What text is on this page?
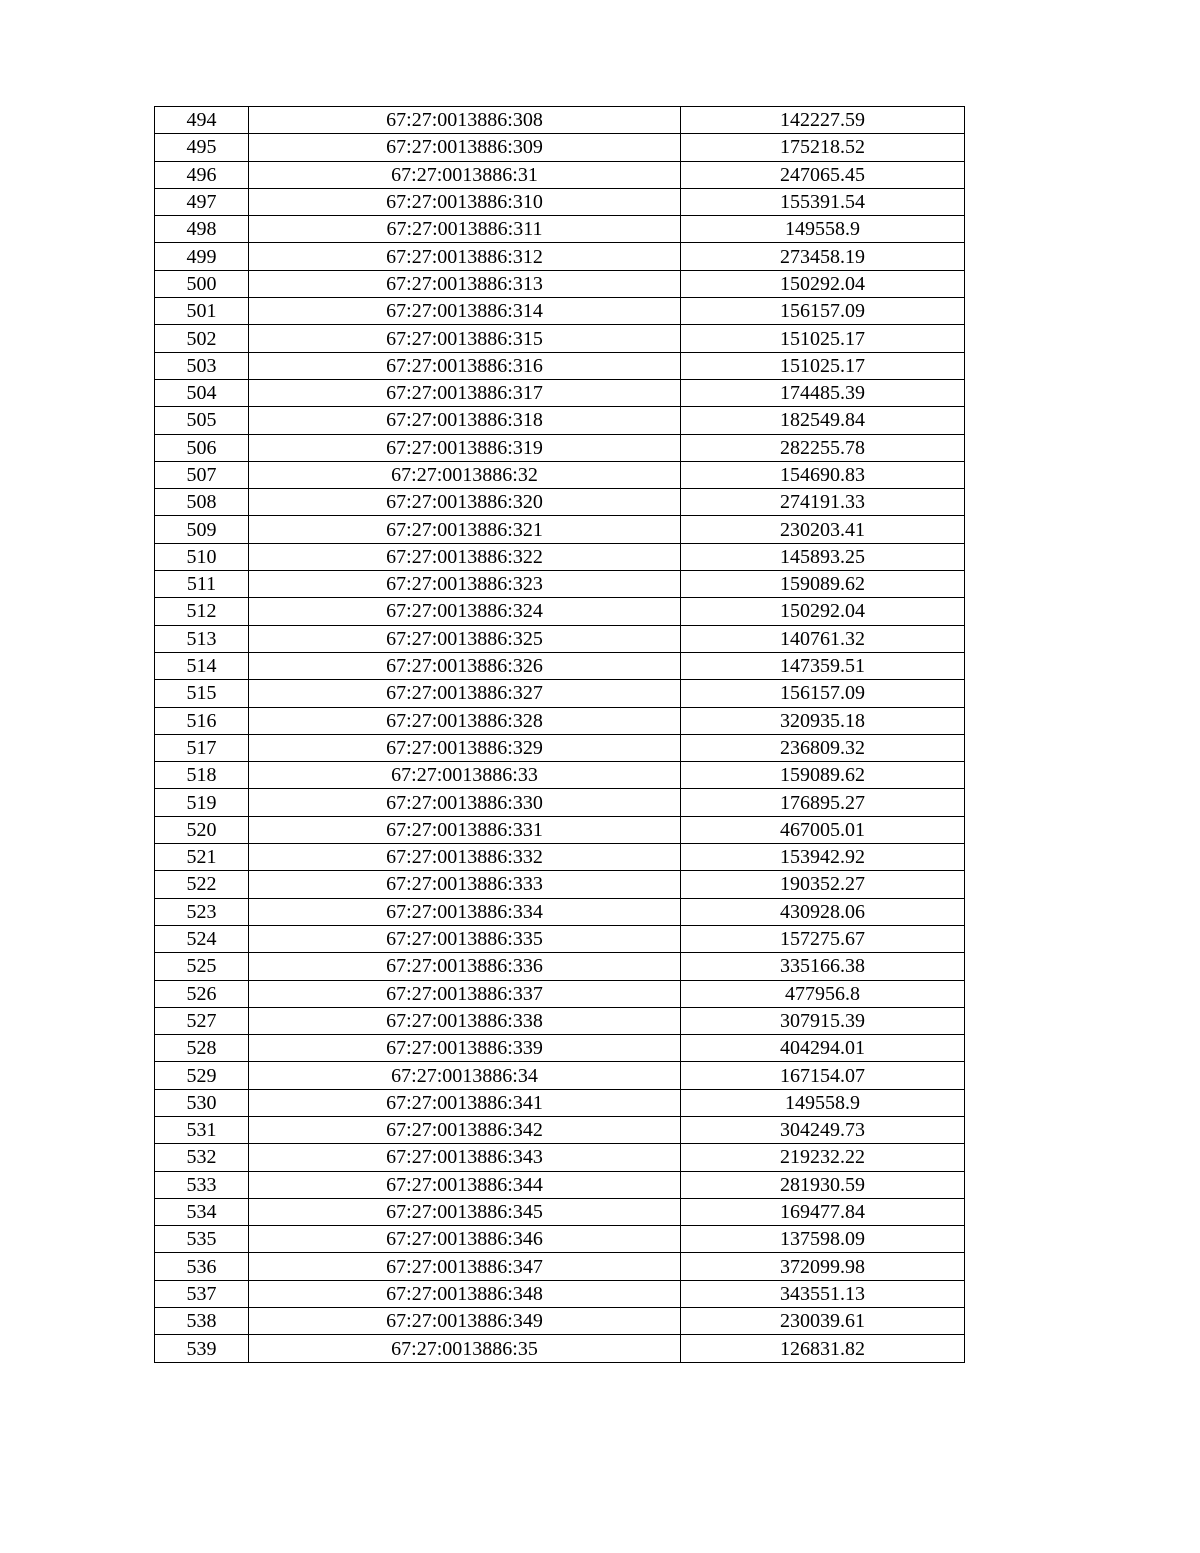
494	67:27:0013886:308	142227.59
495	67:27:0013886:309	175218.52
496	67:27:0013886:31	247065.45
497	67:27:0013886:310	155391.54
498	67:27:0013886:311	149558.9
499	67:27:0013886:312	273458.19
500	67:27:0013886:313	150292.04
501	67:27:0013886:314	156157.09
502	67:27:0013886:315	151025.17
503	67:27:0013886:316	151025.17
504	67:27:0013886:317	174485.39
505	67:27:0013886:318	182549.84
506	67:27:0013886:319	282255.78
507	67:27:0013886:32	154690.83
508	67:27:0013886:320	274191.33
509	67:27:0013886:321	230203.41
510	67:27:0013886:322	145893.25
511	67:27:0013886:323	159089.62
512	67:27:0013886:324	150292.04
513	67:27:0013886:325	140761.32
514	67:27:0013886:326	147359.51
515	67:27:0013886:327	156157.09
516	67:27:0013886:328	320935.18
517	67:27:0013886:329	236809.32
518	67:27:0013886:33	159089.62
519	67:27:0013886:330	176895.27
520	67:27:0013886:331	467005.01
521	67:27:0013886:332	153942.92
522	67:27:0013886:333	190352.27
523	67:27:0013886:334	430928.06
524	67:27:0013886:335	157275.67
525	67:27:0013886:336	335166.38
526	67:27:0013886:337	477956.8
527	67:27:0013886:338	307915.39
528	67:27:0013886:339	404294.01
529	67:27:0013886:34	167154.07
530	67:27:0013886:341	149558.9
531	67:27:0013886:342	304249.73
532	67:27:0013886:343	219232.22
533	67:27:0013886:344	281930.59
534	67:27:0013886:345	169477.84
535	67:27:0013886:346	137598.09
536	67:27:0013886:347	372099.98
537	67:27:0013886:348	343551.13
538	67:27:0013886:349	230039.61
539	67:27:0013886:35	126831.82
